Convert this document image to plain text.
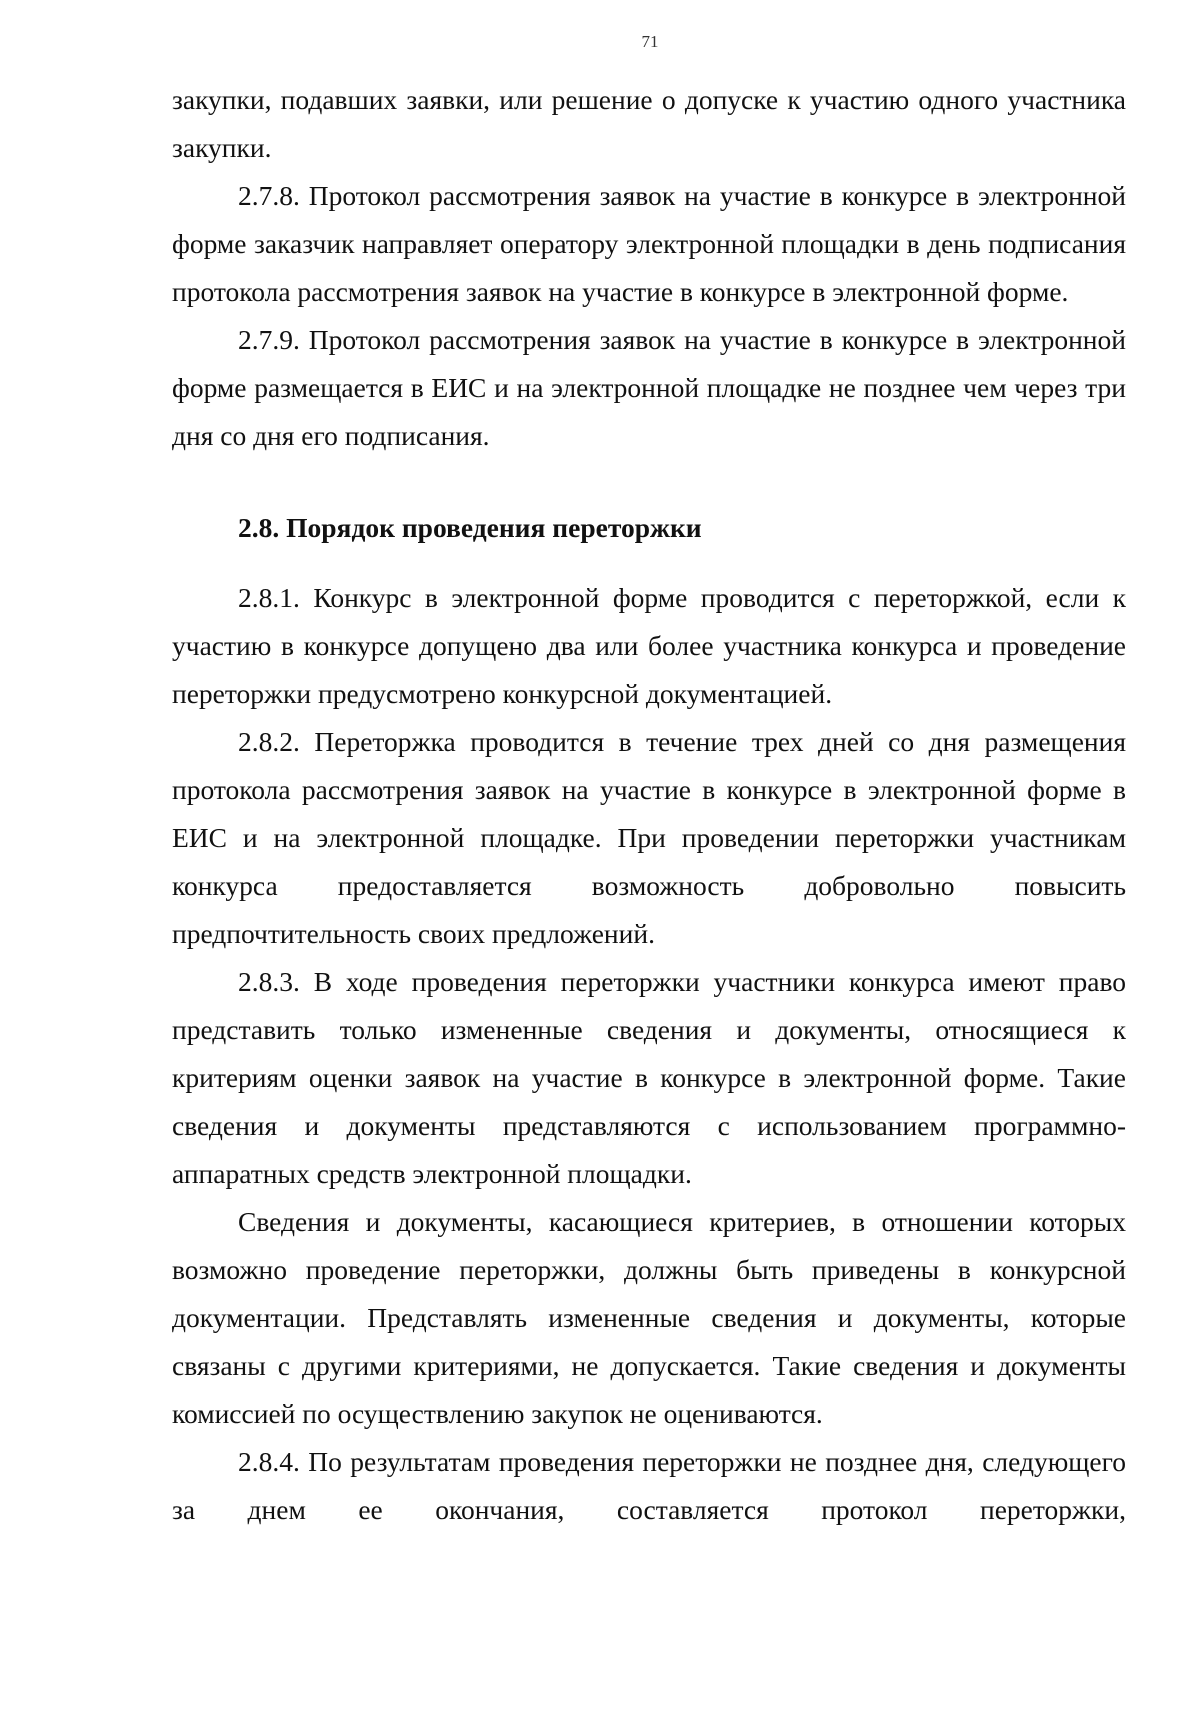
71

закупки, подавших заявки, или решение о допуске к участию одного участника закупки.

2.7.8. Протокол рассмотрения заявок на участие в конкурсе в электронной форме заказчик направляет оператору электронной площадки в день подписания протокола рассмотрения заявок на участие в конкурсе в электронной форме.

2.7.9. Протокол рассмотрения заявок на участие в конкурсе в электронной форме размещается в ЕИС и на электронной площадке не позднее чем через три дня со дня его подписания.

2.8. Порядок проведения переторжки

2.8.1. Конкурс в электронной форме проводится с переторжкой, если к участию в конкурсе допущено два или более участника конкурса и проведение переторжки предусмотрено конкурсной документацией.

2.8.2. Переторжка проводится в течение трех дней со дня размещения протокола рассмотрения заявок на участие в конкурсе в электронной форме в ЕИС и на электронной площадке. При проведении переторжки участникам конкурса предоставляется возможность добровольно повысить предпочтительность своих предложений.

2.8.3. В ходе проведения переторжки участники конкурса имеют право представить только измененные сведения и документы, относящиеся к критериям оценки заявок на участие в конкурсе в электронной форме. Такие сведения и документы представляются с использованием программно-аппаратных средств электронной площадки.

Сведения и документы, касающиеся критериев, в отношении которых возможно проведение переторжки, должны быть приведены в конкурсной документации. Представлять измененные сведения и документы, которые связаны с другими критериями, не допускается. Такие сведения и документы комиссией по осуществлению закупок не оцениваются.

2.8.4. По результатам проведения переторжки не позднее дня, следующего за днем ее окончания, составляется протокол переторжки,
